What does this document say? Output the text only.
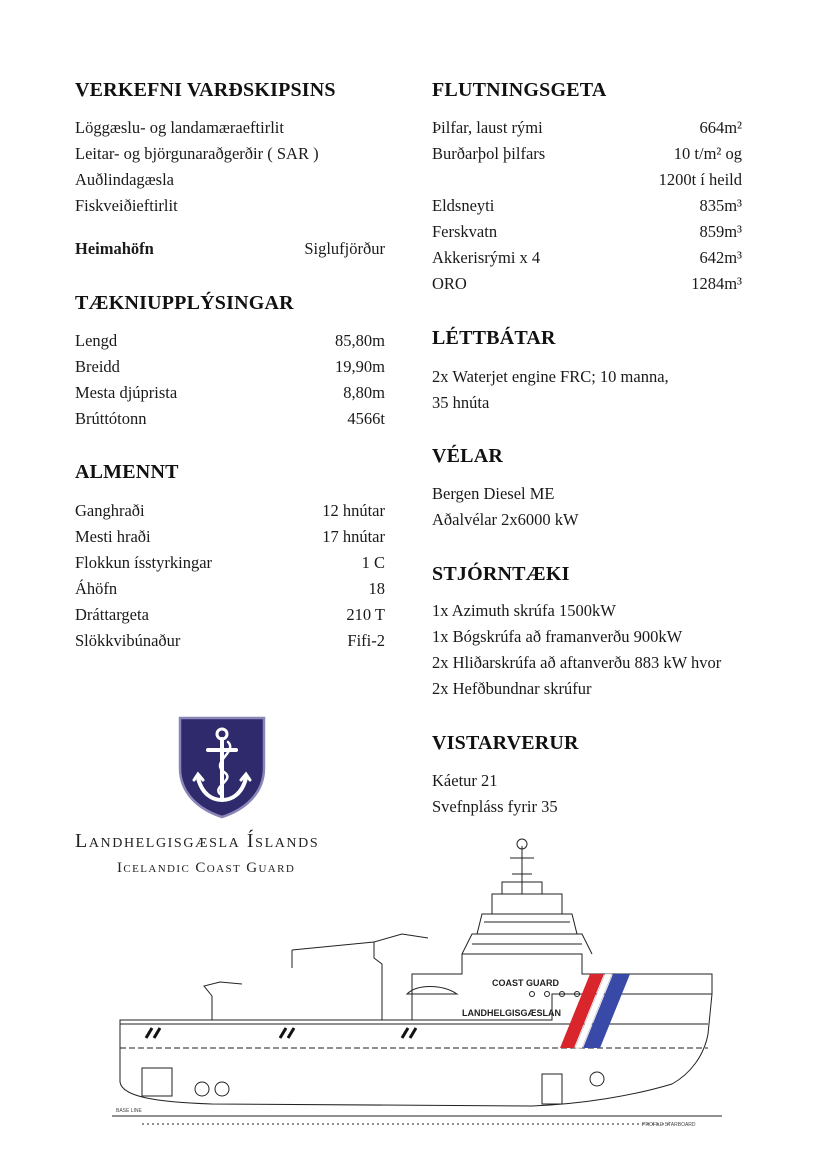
VERKEFNI VARÐSKIPSINS
Löggæslu- og landamæraeftirlit
Leitar- og björgunaraðgerðir ( SAR )
Auðlindagæsla
Fiskveiðieftirlit
Heimahöfn	Siglufjörður
TÆKNIUPPLÝSINGAR
Lengd	85,80m
Breidd	19,90m
Mesta djúprista	8,80m
Brúttótonn	4566t
ALMENNT
Ganghraði	12 hnútar
Mesti hraði	17 hnútar
Flokkun ísstyrkingar	1 C
Áhöfn	18
Dráttargeta	210 T
Slökkvibúnaður	Fifi-2
Landhelgisgæsla Íslands
Icelandic Coast Guard
FLUTNINGSGETA
Þilfar, laust rými	664m²
Burðarþol þilfars	10 t/m² og
1200t í heild
Eldsneyti	835m³
Ferskvatn	859m³
Akkerisrými x 4	642m³
ORO	1284m³
LÉTTBÁTAR
2x Waterjet engine FRC; 10 manna,
35 hnúta
VÉLAR
Bergen Diesel ME
Aðalvélar 2x6000 kW
STJÓRNTÆKI
1x Azimuth skrúfa 1500kW
1x Bógskrúfa að framanverðu 900kW
2x Hliðarskrúfa að aftanverðu 883 kW hvor
2x Hefðbundnar skrúfur
VISTARVERUR
Káetur 21
Svefnpláss fyrir 35
COAST GUARD
LANDHELGISGÆSLAN
BASE LINE
PROFILE STARBOARD
